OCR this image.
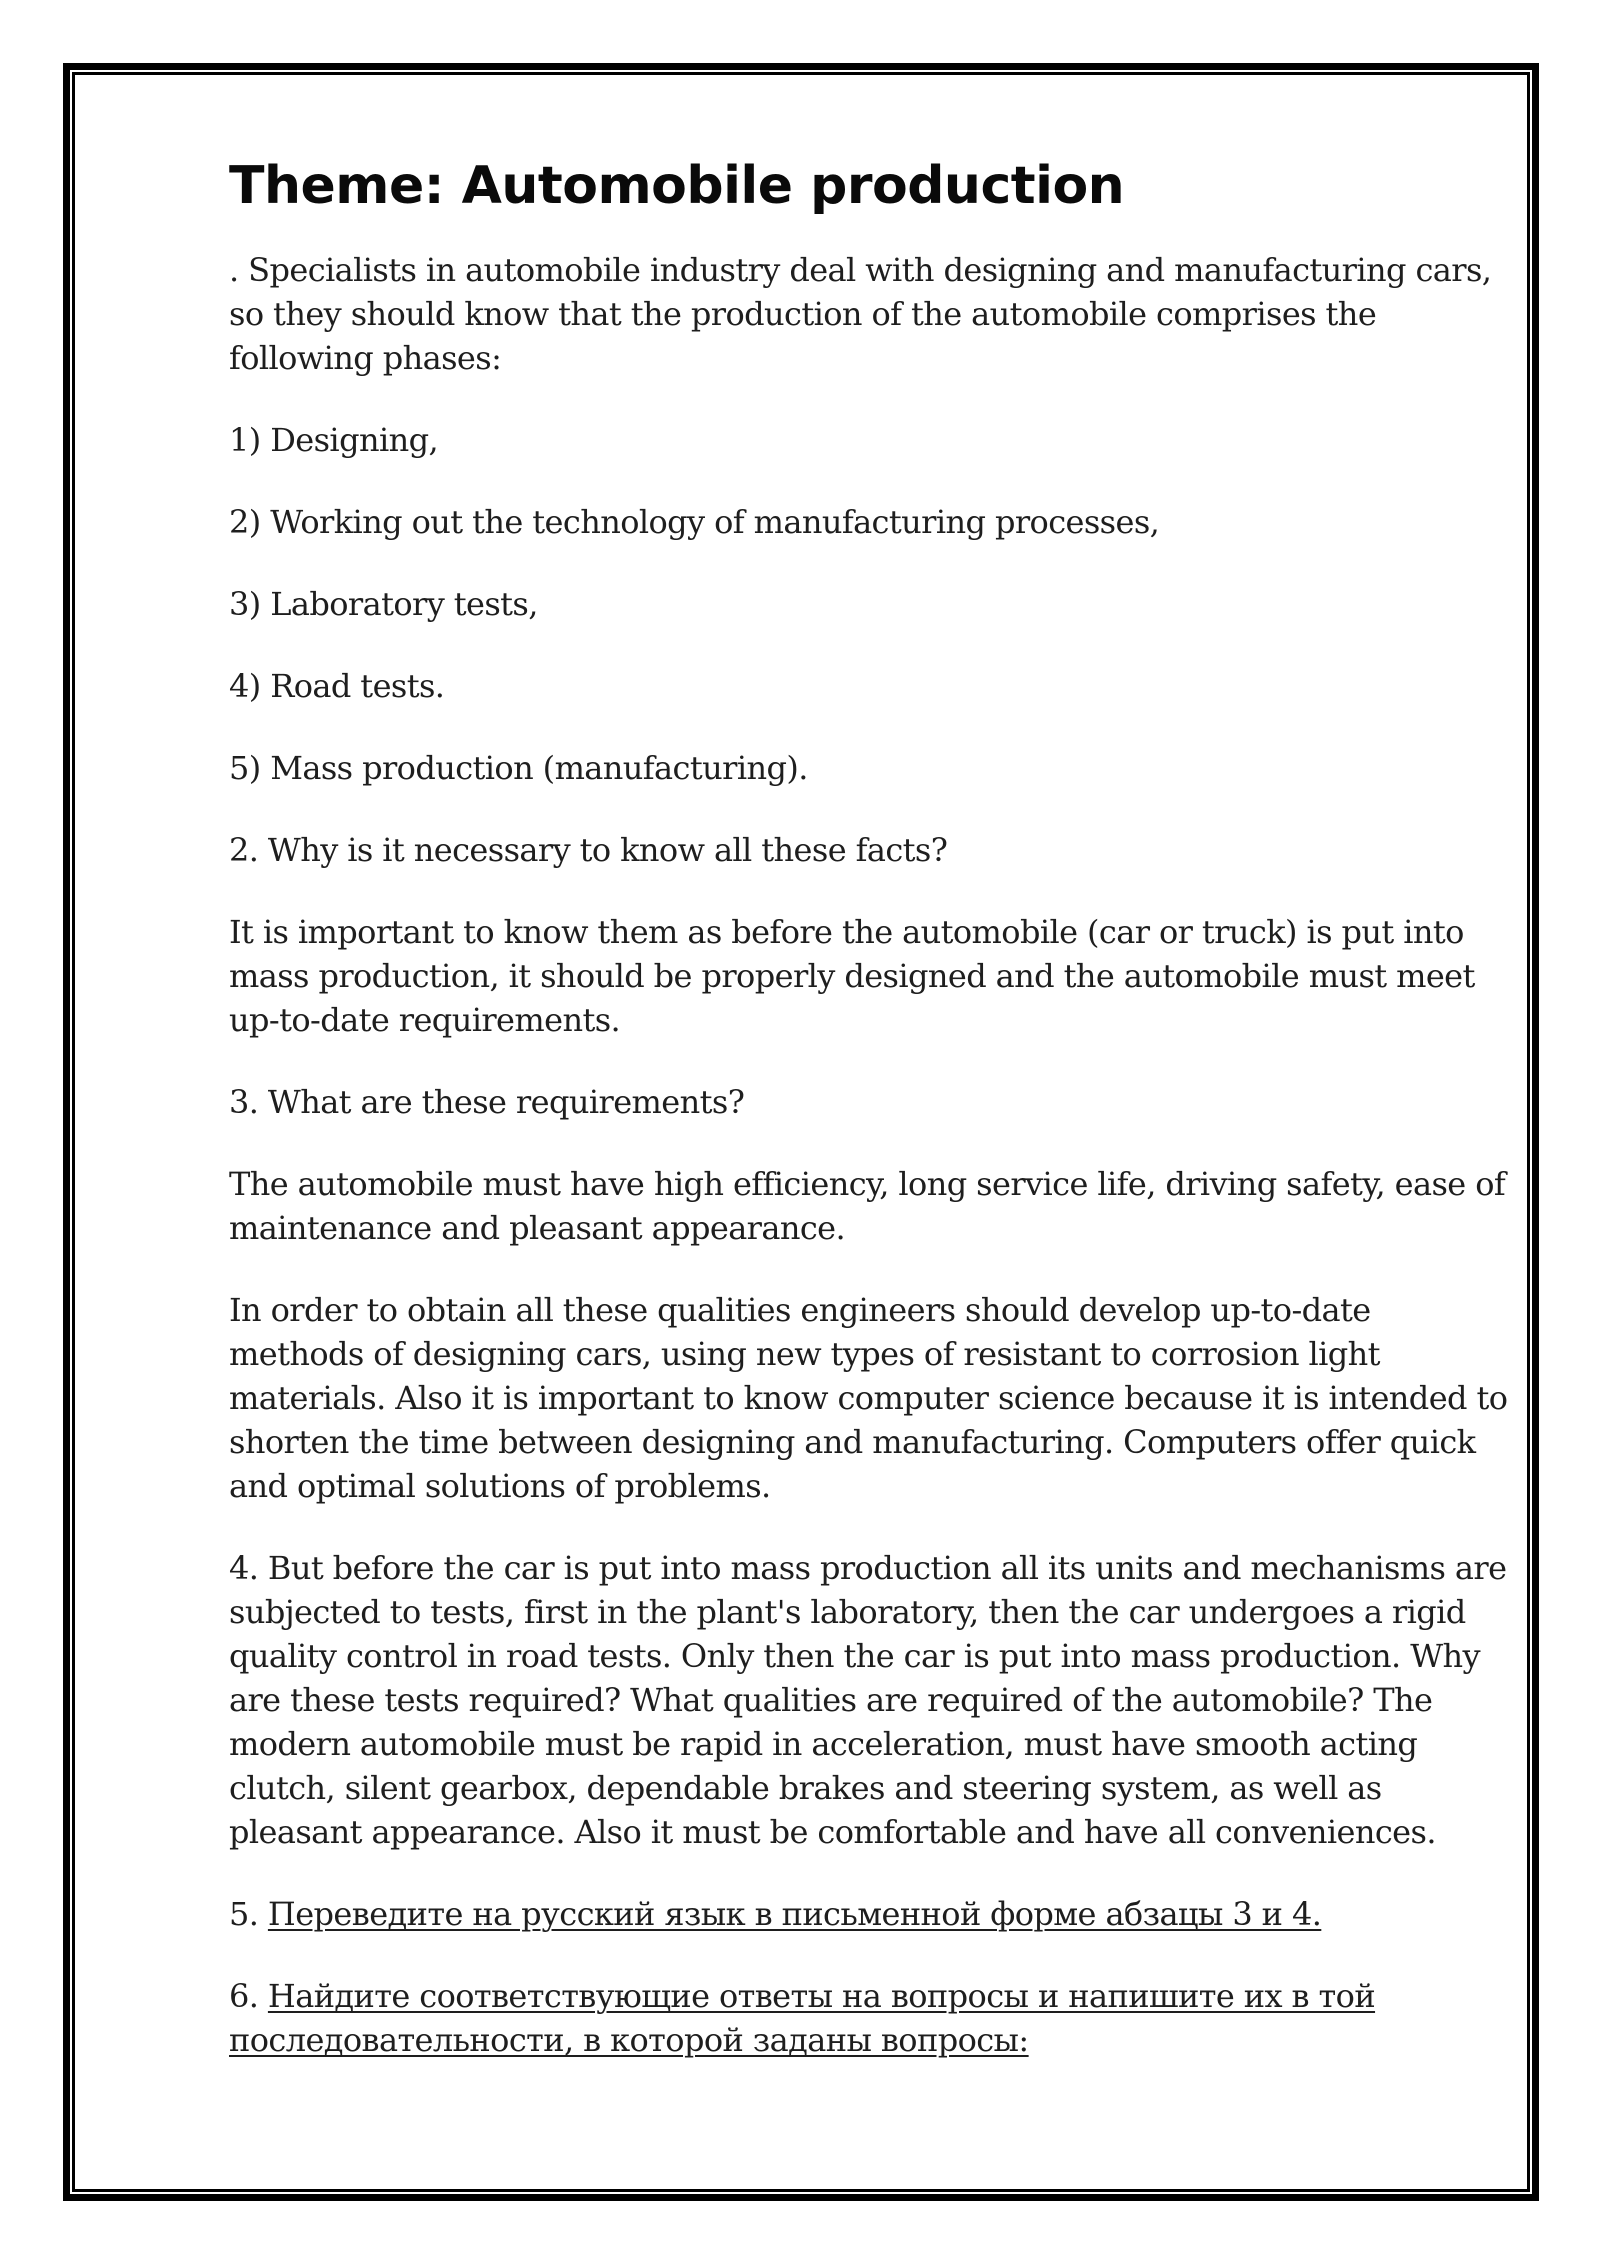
Theme: Automobile production

. Specialists in automobile industry deal with designing and manufacturing cars, so they should know that the production of the automobile comprises the following phases:

1) Designing,

2) Working out the technology of manufacturing processes,

3) Laboratory tests,

4) Road tests.

5) Mass production (manufacturing).

2. Why is it necessary to know all these facts?

It is important to know them as before the automobile (car or truck) is put into mass production, it should be properly designed and the automobile must meet up-to-date requirements.

3. What are these requirements?

The automobile must have high efficiency, long service life, driving safety, ease of maintenance and pleasant appearance.

In order to obtain all these qualities engineers should develop up-to-date methods of designing cars, using new types of resistant to corrosion light materials. Also it is important to know computer science because it is intended to shorten the time between designing and manufacturing. Computers offer quick and optimal solutions of problems.

4. But before the car is put into mass production all its units and mechanisms are subjected to tests, first in the plant's laboratory, then the car undergoes a rigid quality control in road tests. Only then the car is put into mass production. Why are these tests required? What qualities are required of the automobile? The modern automobile must be rapid in acceleration, must have smooth acting clutch, silent gearbox, dependable brakes and steering system, as well as pleasant appearance. Also it must be comfortable and have all conveniences.

5. Переведите на русский язык в письменной форме абзацы 3 и 4.

6. Найдите соответствующие ответы на вопросы и напишите их в той последовательности, в которой заданы вопросы:
